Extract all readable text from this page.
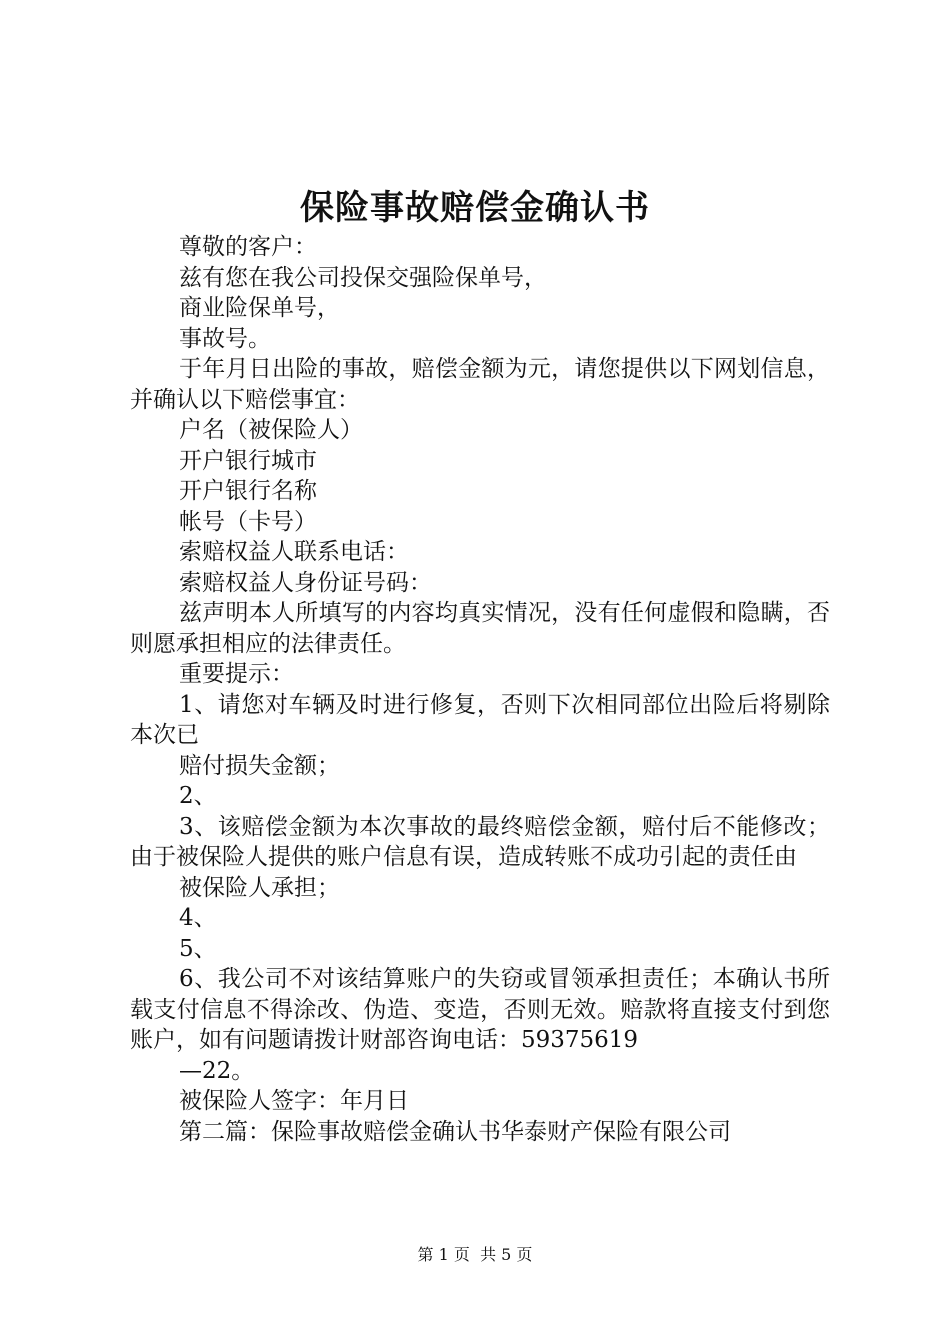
保险事故赔偿金确认书

尊敬的客户：

兹有您在我公司投保交强险保单号，

商业险保单号，

事故号。

于年月日出险的事故，赔偿金额为元，请您提供以下网划信息，并确认以下赔偿事宜：

户名（被保险人）

开户银行城市

开户银行名称

帐号（卡号）

索赔权益人联系电话：

索赔权益人身份证号码：

兹声明本人所填写的内容均真实情况，没有任何虚假和隐瞒，否则愿承担相应的法律责任。

重要提示：

1、请您对车辆及时进行修复，否则下次相同部位出险后将剔除本次已

赔付损失金额；

2、

3、该赔偿金额为本次事故的最终赔偿金额，赔付后不能修改；由于被保险人提供的账户信息有误，造成转账不成功引起的责任由

被保险人承担；

4、

5、

6、我公司不对该结算账户的失窃或冒领承担责任；本确认书所载支付信息不得涂改、伪造、变造，否则无效。赔款将直接支付到您账户，如有问题请拨计财部咨询电话：59375619

—22。

被保险人签字：年月日

第二篇：保险事故赔偿金确认书华泰财产保险有限公司

第 1 页  共 5 页
